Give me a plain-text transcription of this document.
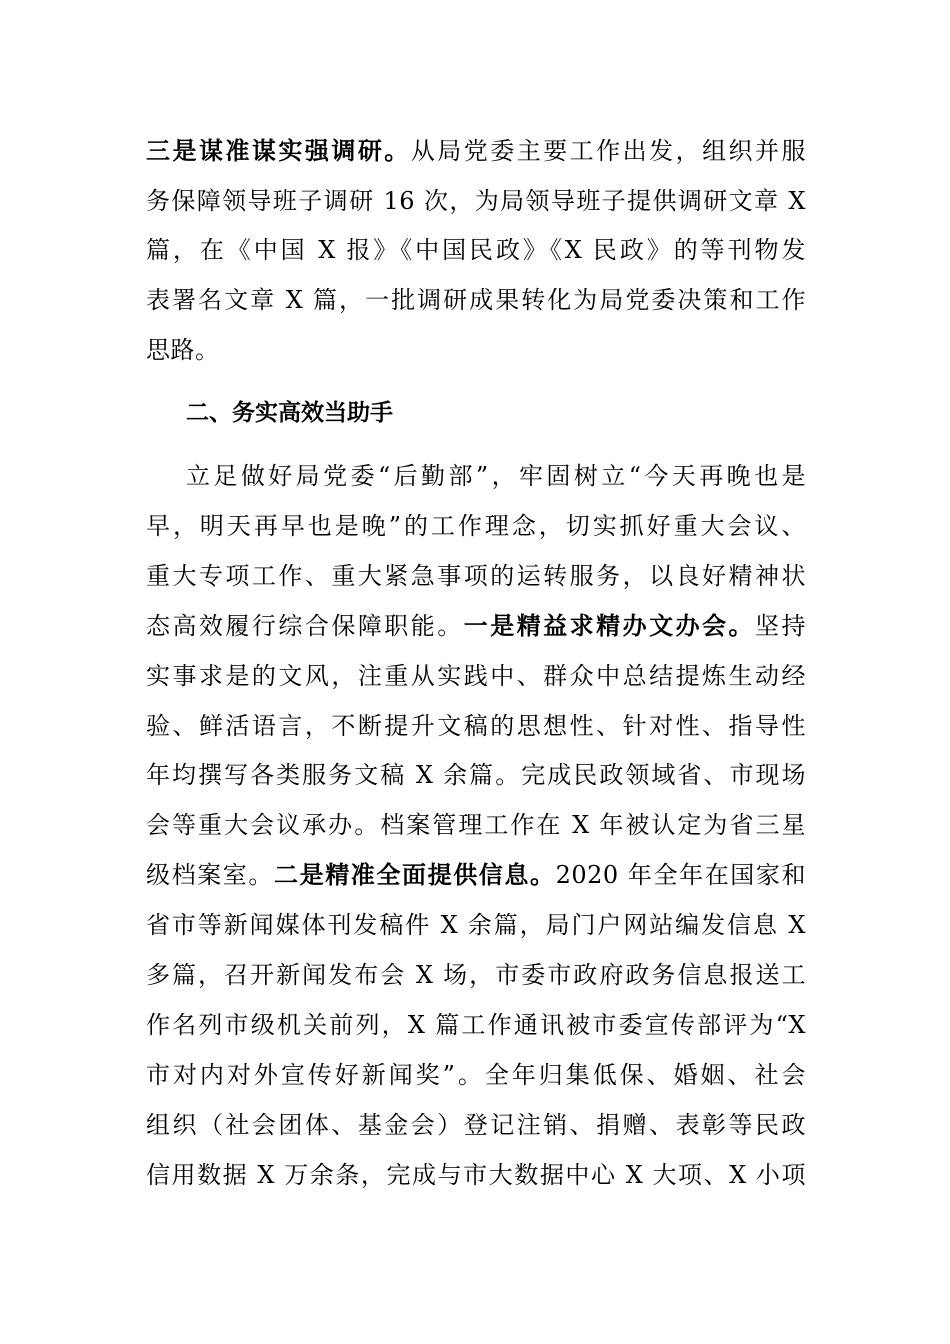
三是谋准谋实强调研。从局党委主要工作出发，组织并服
务保障领导班子调研 16 次，为局领导班子提供调研文章 X
篇，在《中国 X 报》《中国民政》《X 民政》的等刊物发
表署名文章 X 篇，一批调研成果转化为局党委决策和工作
思路。
二、务实高效当助手
立足做好局党委“后勤部”，牢固树立“今天再晚也是
早，明天再早也是晚”的工作理念，切实抓好重大会议、
重大专项工作、重大紧急事项的运转服务，以良好精神状
态高效履行综合保障职能。一是精益求精办文办会。坚持
实事求是的文风，注重从实践中、群众中总结提炼生动经
验、鲜活语言，不断提升文稿的思想性、针对性、指导性
年均撰写各类服务文稿 X 余篇。完成民政领域省、市现场
会等重大会议承办。档案管理工作在 X 年被认定为省三星
级档案室。二是精准全面提供信息。2020 年全年在国家和
省市等新闻媒体刊发稿件 X 余篇，局门户网站编发信息 X
多篇，召开新闻发布会 X 场，市委市政府政务信息报送工
作名列市级机关前列，X 篇工作通讯被市委宣传部评为“X
市对内对外宣传好新闻奖”。全年归集低保、婚姻、社会
组织（社会团体、基金会）登记注销、捐赠、表彰等民政
信用数据 X 万余条，完成与市大数据中心 X 大项、X 小项
